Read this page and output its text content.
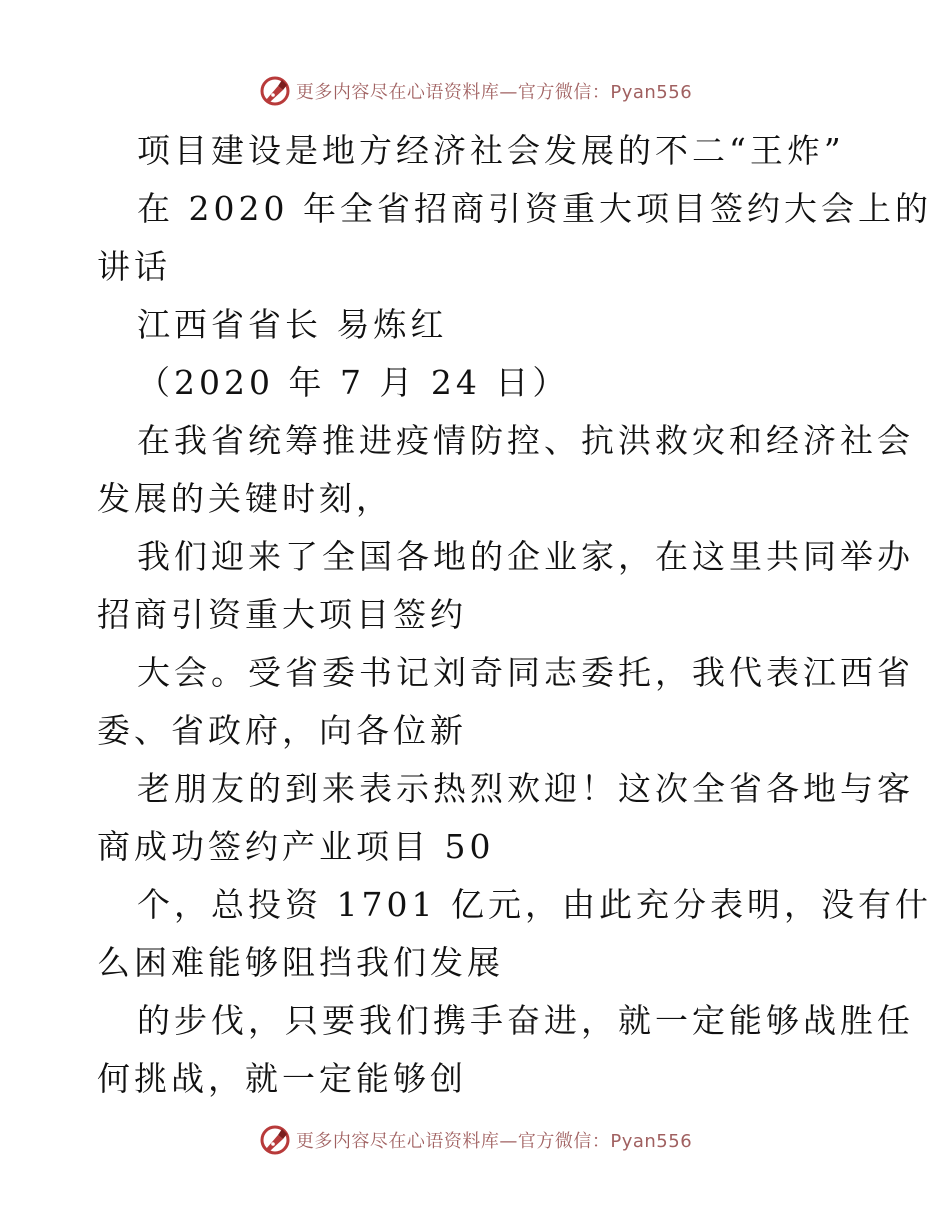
更多内容尽在心语资料库—官方微信：Pyan556
项目建设是地方经济社会发展的不二“王炸”
在 2020 年全省招商引资重大项目签约大会上的
讲话
江西省省长 易炼红
（2020 年 7 月 24 日）
在我省统筹推进疫情防控、抗洪救灾和经济社会
发展的关键时刻，
我们迎来了全国各地的企业家，在这里共同举办
招商引资重大项目签约
大会。受省委书记刘奇同志委托，我代表江西省
委、省政府，向各位新
老朋友的到来表示热烈欢迎！这次全省各地与客
商成功签约产业项目 50
个，总投资 1701 亿元，由此充分表明，没有什
么困难能够阻挡我们发展
的步伐，只要我们携手奋进，就一定能够战胜任
何挑战，就一定能够创
更多内容尽在心语资料库—官方微信：Pyan556
